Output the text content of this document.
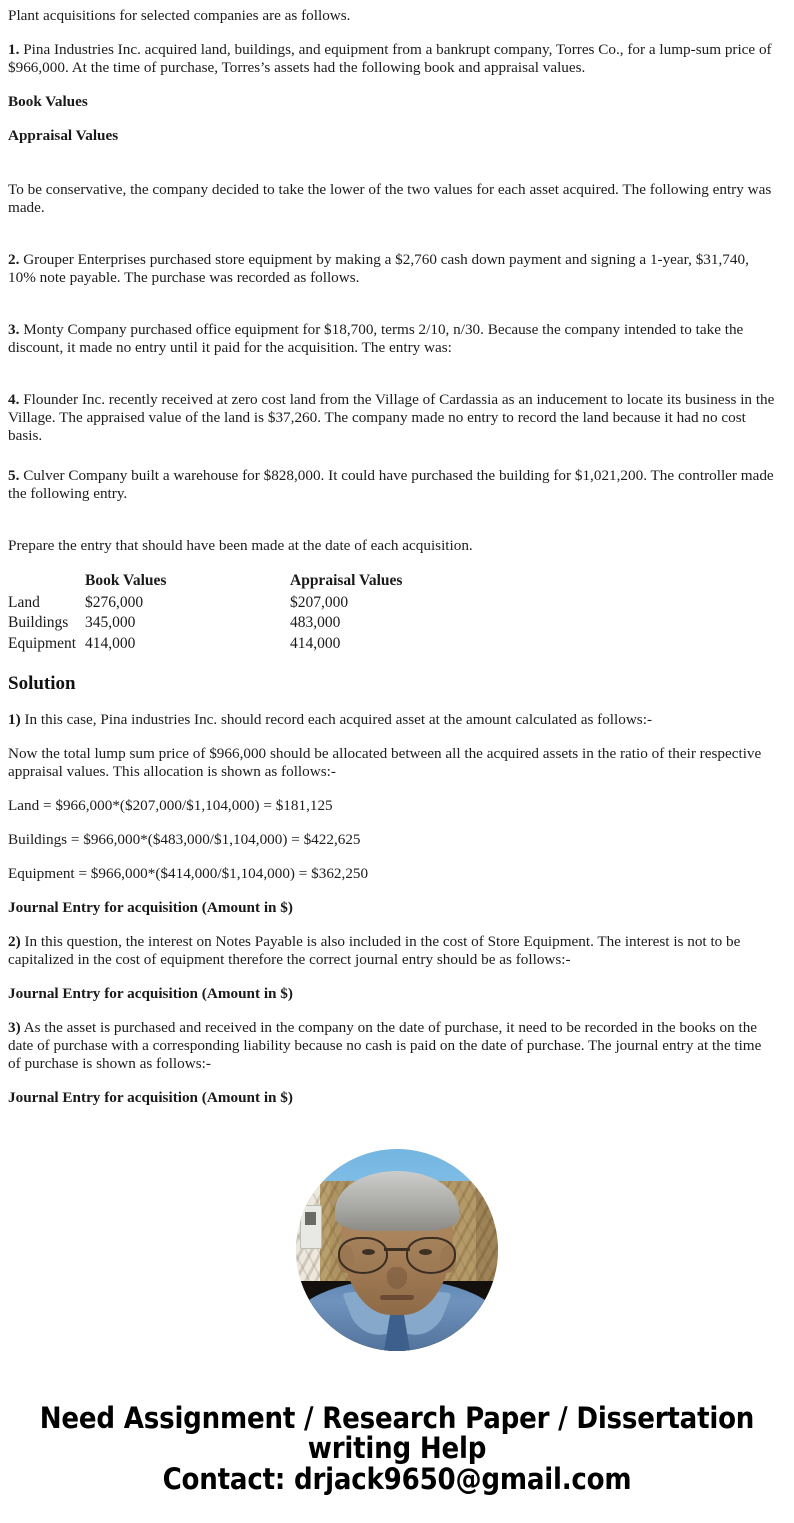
Plant acquisitions for selected companies are as follows.

1. Pina Industries Inc. acquired land, buildings, and equipment from a bankrupt company, Torres Co., for a lump-sum price of $966,000. At the time of purchase, Torres’s assets had the following book and appraisal values.

Book Values

Appraisal Values

To be conservative, the company decided to take the lower of the two values for each asset acquired. The following entry was made.

2. Grouper Enterprises purchased store equipment by making a $2,760 cash down payment and signing a 1-year, $31,740, 10% note payable. The purchase was recorded as follows.

3. Monty Company purchased office equipment for $18,700, terms 2/10, n/30. Because the company intended to take the discount, it made no entry until it paid for the acquisition. The entry was:

4. Flounder Inc. recently received at zero cost land from the Village of Cardassia as an inducement to locate its business in the Village. The appraised value of the land is $37,260. The company made no entry to record the land because it had no cost basis.

5. Culver Company built a warehouse for $828,000. It could have purchased the building for $1,021,200. The controller made the following entry.

Prepare the entry that should have been made at the date of each acquisition.

	Book Values	Appraisal Values
Land	$276,000	$207,000
Buildings	345,000	483,000
Equipment	414,000	414,000
Solution

1) In this case, Pina industries Inc. should record each acquired asset at the amount calculated as follows:-

Now the total lump sum price of $966,000 should be allocated between all the acquired assets in the ratio of their respective appraisal values. This allocation is shown as follows:-

Land = $966,000*($207,000/$1,104,000) = $181,125

Buildings = $966,000*($483,000/$1,104,000) = $422,625

Equipment = $966,000*($414,000/$1,104,000) = $362,250

Journal Entry for acquisition (Amount in $)

2) In this question, the interest on Notes Payable is also included in the cost of Store Equipment. The interest is not to be capitalized in the cost of equipment therefore the correct journal entry should be as follows:-

Journal Entry for acquisition (Amount in $)

3) As the asset is purchased and received in the company on the date of purchase, it need to be recorded in the books on the date of purchase with a corresponding liability because no cash is paid on the date of purchase. The journal entry at the time of purchase is shown as follows:-

Journal Entry for acquisition (Amount in $)

Need Assignment / Research Paper / Dissertation
writing Help
Contact: drjack9650@gmail.com
